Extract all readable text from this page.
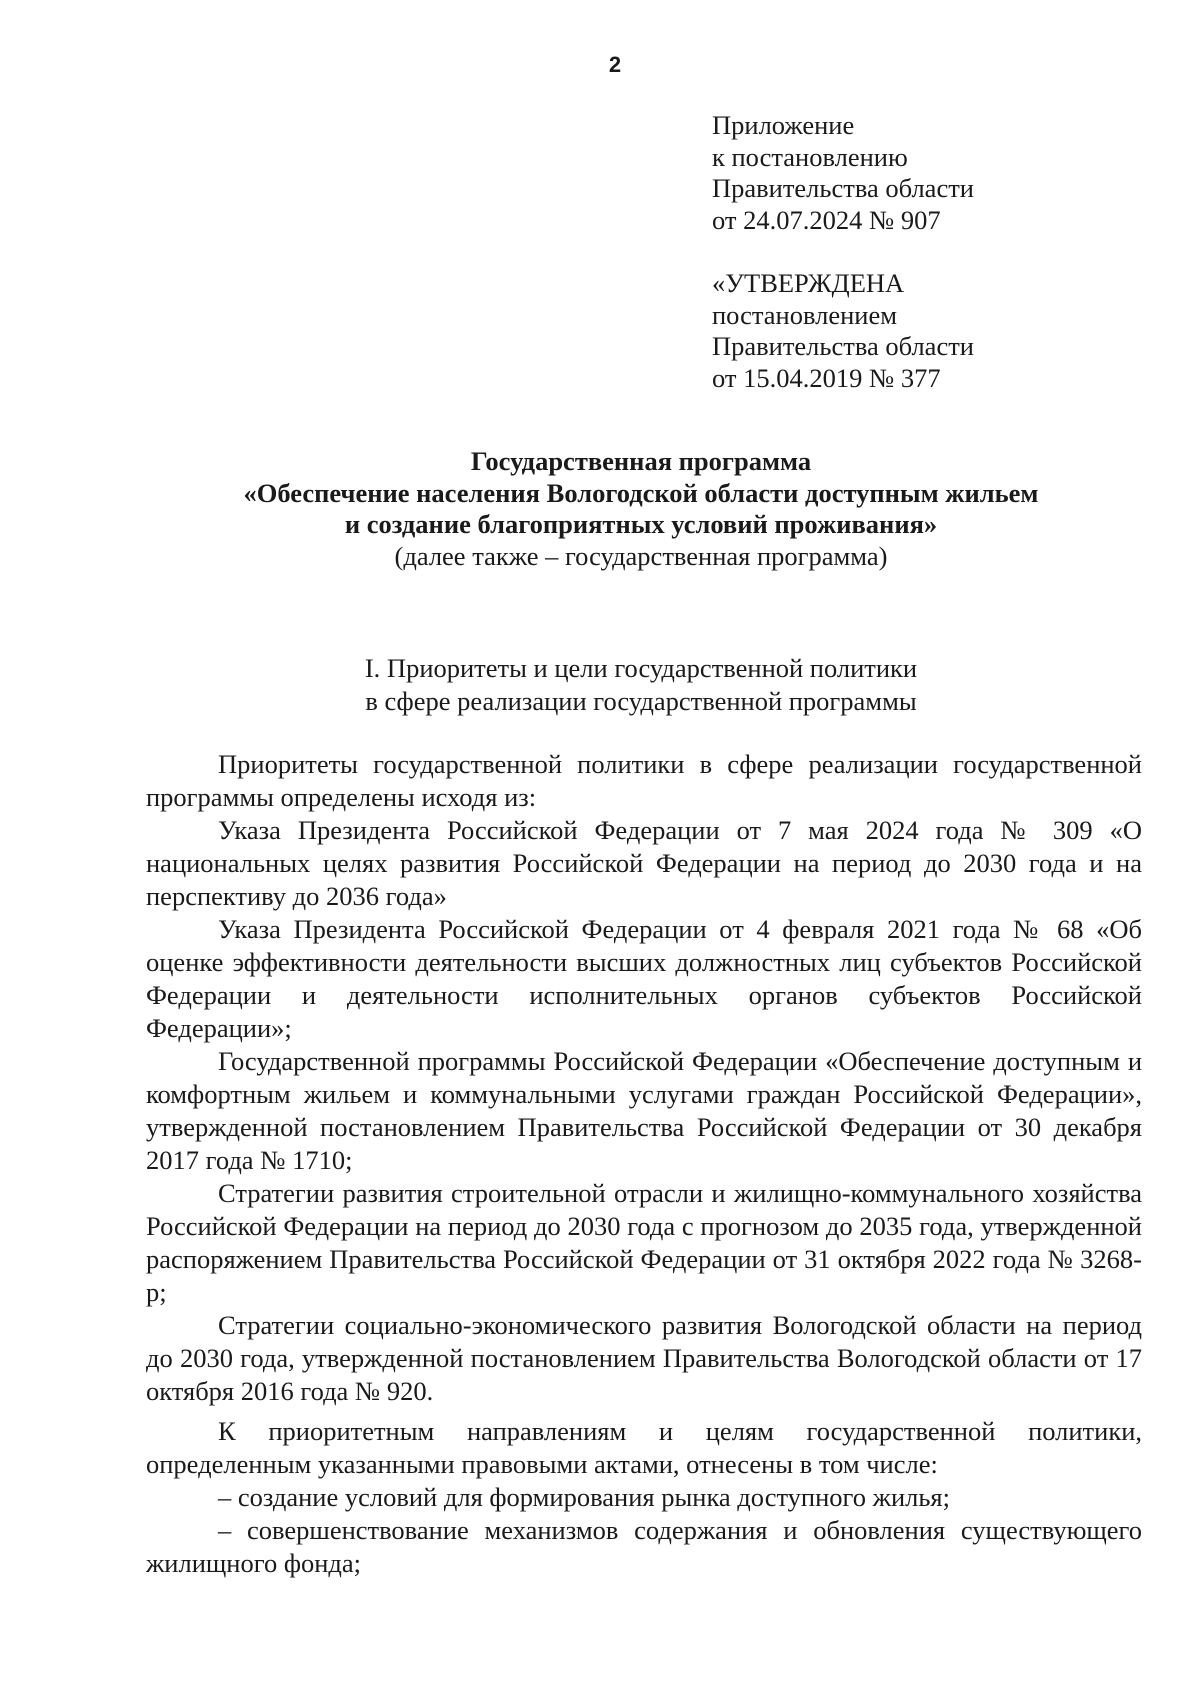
2
Приложение
к постановлению
Правительства области
от 24.07.2024 № 907
«УТВЕРЖДЕНА
постановлением
Правительства области
от 15.04.2019 № 377
Государственная программа
«Обеспечение населения Вологодской области доступным жильем
и создание благоприятных условий проживания»
(далее также – государственная программа)
I. Приоритеты и цели государственной политики
в сфере реализации государственной программы

Приоритеты государственной политики в сфере реализации государственной программы определены исходя из:

Указа Президента Российской Федерации от 7 мая 2024 года № 309 «О национальных целях развития Российской Федерации на период до 2030 года и на перспективу до 2036 года»

Указа Президента Российской Федерации от 4 февраля 2021 года № 68 «Об оценке эффективности деятельности высших должностных лиц субъектов Российской Федерации и деятельности исполнительных органов субъектов Российской Федерации»;

Государственной программы Российской Федерации «Обеспечение доступным и комфортным жильем и коммунальными услугами граждан Российской Федерации», утвержденной постановлением Правительства Российской Федерации от 30 декабря 2017 года № 1710;

Стратегии развития строительной отрасли и жилищно-коммунального хозяйства Российской Федерации на период до 2030 года с прогнозом до 2035 года, утвержденной распоряжением Правительства Российской Федерации от 31 октября 2022 года № 3268-р;

Стратегии социально-экономического развития Вологодской области на период до 2030 года, утвержденной постановлением Правительства Вологодской области от 17 октября 2016 года № 920.

К приоритетным направлениям и целям государственной политики, определенным указанными правовыми актами, отнесены в том числе:

– создание условий для формирования рынка доступного жилья;

– совершенствование механизмов содержания и обновления существующего жилищного фонда;
